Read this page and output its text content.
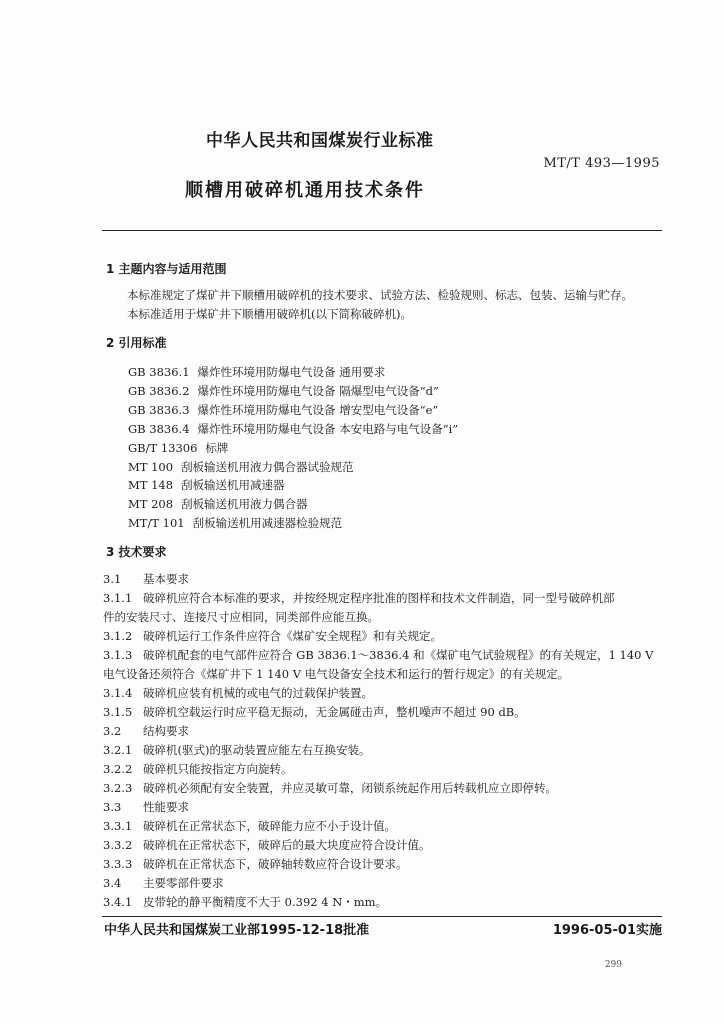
中华人民共和国煤炭行业标准
MT/T 493—1995
顺槽用破碎机通用技术条件
1 主题内容与适用范围
本标准规定了煤矿井下顺槽用破碎机的技术要求、试验方法、检验规则、标志、包装、运输与贮存。
本标准适用于煤矿井下顺槽用破碎机(以下简称破碎机)。
2 引用标准
GB 3836.1 爆炸性环境用防爆电气设备 通用要求
GB 3836.2 爆炸性环境用防爆电气设备 隔爆型电气设备“d”
GB 3836.3 爆炸性环境用防爆电气设备 增安型电气设备“e”
GB 3836.4 爆炸性环境用防爆电气设备 本安电路与电气设备“i”
GB/T 13306 标牌
MT 100 刮板输送机用液力偶合器试验规范
MT 148 刮板输送机用减速器
MT 208 刮板输送机用液力偶合器
MT/T 101 刮板输送机用减速器检验规范
3 技术要求
3.1 基本要求
3.1.1 破碎机应符合本标准的要求，并按经规定程序批准的图样和技术文件制造，同一型号破碎机部
件的安装尺寸、连接尺寸应相同，同类部件应能互换。
3.1.2 破碎机运行工作条件应符合《煤矿安全规程》和有关规定。
3.1.3 破碎机配套的电气部件应符合 GB 3836.1～3836.4 和《煤矿电气试验规程》的有关规定，1 140 V
电气设备还须符合《煤矿井下 1 140 V 电气设备安全技术和运行的暂行规定》的有关规定。
3.1.4 破碎机应装有机械的或电气的过载保护装置。
3.1.5 破碎机空载运行时应平稳无振动，无金属碰击声，整机噪声不超过 90 dB。
3.2 结构要求
3.2.1 破碎机(驱式)的驱动装置应能左右互换安装。
3.2.2 破碎机只能按指定方向旋转。
3.2.3 破碎机必须配有安全装置，并应灵敏可靠，闭锁系统起作用后转载机应立即停转。
3.3 性能要求
3.3.1 破碎机在正常状态下，破碎能力应不小于设计值。
3.3.2 破碎机在正常状态下，破碎后的最大块度应符合设计值。
3.3.3 破碎机在正常状态下，破碎轴转数应符合设计要求。
3.4 主要零部件要求
3.4.1 皮带轮的静平衡精度不大于 0.392 4 N・mm。
中华人民共和国煤炭工业部1995-12-18批准	1996-05-01实施
299
